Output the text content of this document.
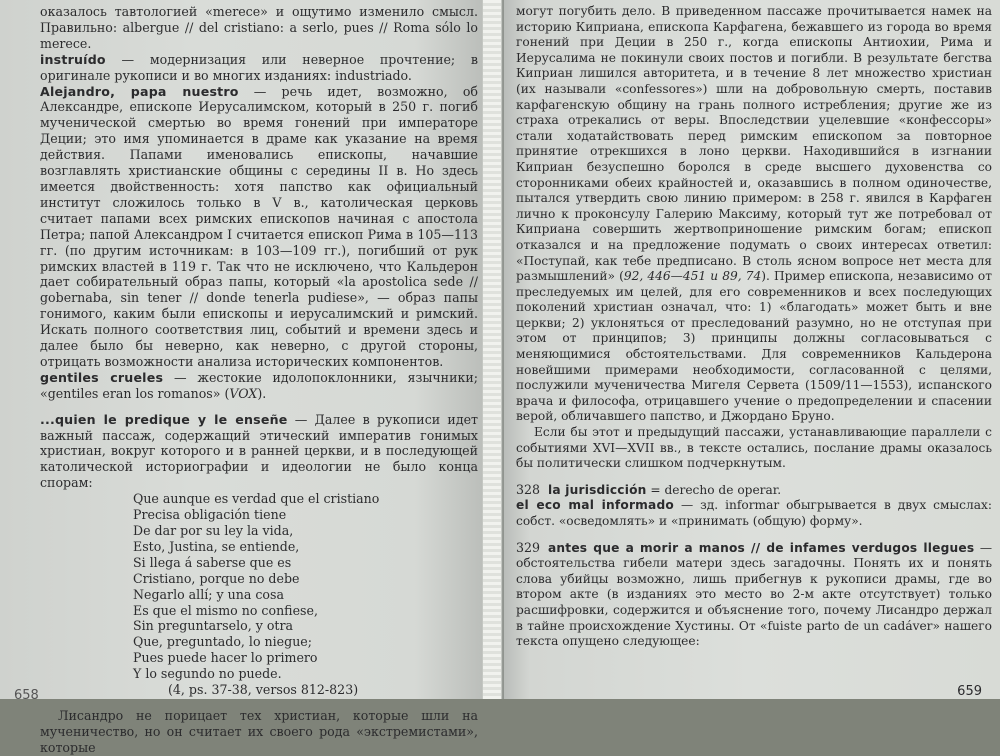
оказалось тавтологией «merece» и ощутимо изменило смысл. Правильно: albergue // del cristiano: a serlo, pues // Roma sólo lo merece.

instruído — модернизация или неверное прочтение; в оригинале рукописи и во многих изданиях: industriado.

Alejandro, papa nuestro — речь идет, возможно, об Александре, епископе Иерусалимском, который в 250 г. погиб мученической смертью во время гонений при императоре Деции; это имя упоминается в драме как указание на время действия. Папами именовались епископы, начавшие возглавлять христианские общины с середины II в. Но здесь имеется двойственность: хотя папство как официальный институт сложилось только в V в., католическая церковь считает папами всех римских епископов начиная с апостола Петра; папой Александром I считается епископ Рима в 105—113 гг. (по другим источникам: в 103—109 гг.), погибший от рук римских властей в 119 г. Так что не исключено, что Кальдерон дает собирательный образ папы, который «la apostolica sede // gobernaba, sin tener // donde tenerla pudiese», — образ папы гонимого, каким были епископы и иерусалимский и римский. Искать полного соответствия лиц, событий и времени здесь и далее было бы неверно, как неверно, с другой стороны, отрицать возможности анализа исторических компонентов.

gentiles crueles — жестокие идолопоклонники, язычники; «gentiles eran los romanos» (VOX).

...quien le predique y le enseñe — Далее в рукописи идет важный пассаж, содержащий этический императив гонимых христиан, вокруг которого и в ранней церкви, и в последующей католической историографии и идеологии не было конца спорам:

Que aunque es verdad que el cristiano
Precisa obligación tiene
De dar por su ley la vida,
Esto, Justina, se entiende,
Si llega á saberse que es
Cristiano, porque no debe
Negarlo allí; y una cosa
Es que el mismo no confiese,
Sin preguntarselo, y otra
Que, preguntado, lo niegue;
Pues puede hacer lo primero
Y lo segundo no puede.
(4, ps. 37-38, versos 812-823)
Лисандро не порицает тех христиан, которые шли на мученичество, но он считает их своего рода «экстремистами», которые
658

могут погубить дело. В приведенном пассаже прочитывается намек на историю Киприана, епископа Карфагена, бежавшего из города во время гонений при Деции в 250 г., когда епископы Антиохии, Рима и Иерусалима не покинули своих постов и погибли. В результате бегства Киприан лишился авторитета, и в течение 8 лет множество христиан (их называли «confessores») шли на добровольную смерть, поставив карфагенскую общину на грань полного истребления; другие же из страха отрекались от веры. Впоследствии уцелевшие «конфессоры» стали ходатайствовать перед римским епископом за повторное принятие отрекшихся в лоно церкви. Находившийся в изгнании Киприан безуспешно боролся в среде высшего духовенства со сторонниками обеих крайностей и, оказавшись в полном одиночестве, пытался утвердить свою линию примером: в 258 г. явился в Карфаген лично к проконсулу Галерию Максиму, который тут же потребовал от Киприана совершить жертвоприношение римским богам; епископ отказался и на предложение подумать о своих интересах ответил: «Поступай, как тебе предписано. В столь ясном вопросе нет места для размышлений» (92, 446—451 и 89, 74). Пример епископа, независимо от преследуемых им целей, для его современников и всех последующих поколений христиан означал, что: 1) «благодать» может быть и вне церкви; 2) уклоняться от преследований разумно, но не отступая при этом от принципов; 3) принципы должны согласовываться с меняющимися обстоятельствами. Для современников Кальдерона новейшими примерами необходимости, согласованной с целями, послужили мученичества Мигеля Сервета (1509/11—1553), испанского врача и философа, отрицавшего учение о предопределении и спасении верой, обличавшего папство, и Джордано Бруно.

Если бы этот и предыдущий пассажи, устанавливающие параллели с событиями XVI—XVII вв., в тексте остались, послание драмы оказалось бы политически слишком подчеркнутым.

328 la jurisdicción = derecho de operar.

el eco mal informado — зд. informar обыгрывается в двух смыслах: собст. «осведомлять» и «принимать (общую) форму».

329 antes que a morir a manos // de infames verdugos llegues — обстоятельства гибели матери здесь загадочны. Понять их и понять слова убийцы возможно, лишь прибегнув к рукописи драмы, где во втором акте (в изданиях это место во 2-м акте отсутствует) только расшифровки, содержится и объяснение того, почему Лисандро держал в тайне происхождение Хустины. От «fuiste parto de un cadáver» нашего текста опущено следующее:

659
